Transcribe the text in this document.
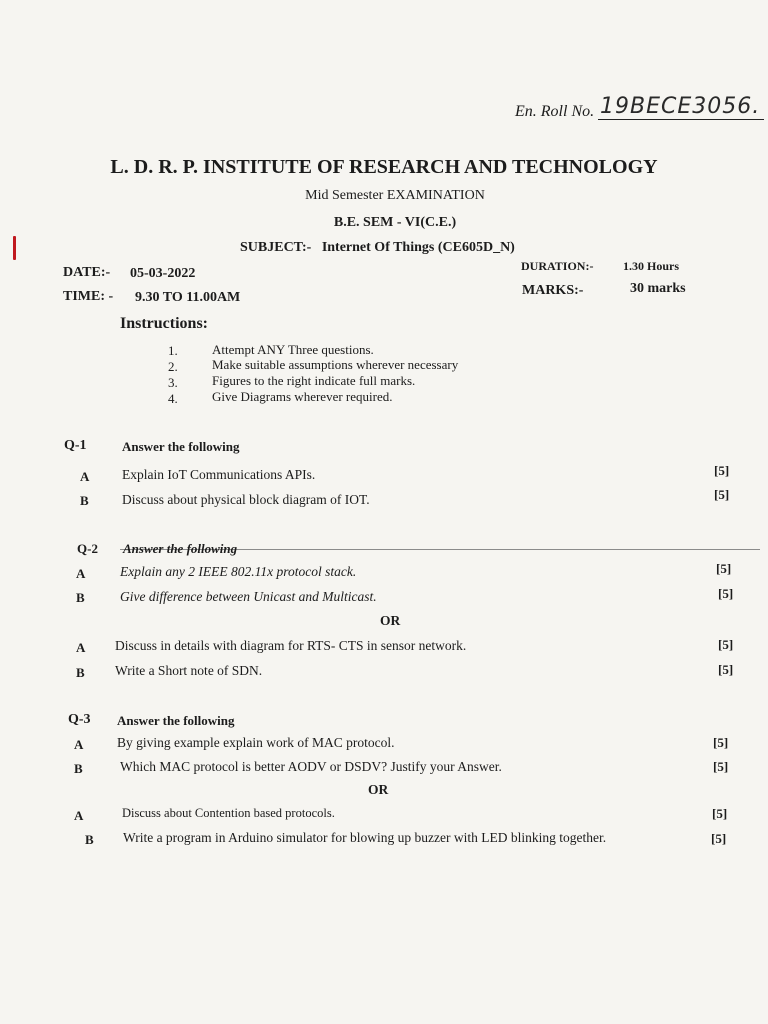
En. Roll No. 19BECE3056.
L. D. R. P. INSTITUTE OF RESEARCH AND TECHNOLOGY
Mid Semester EXAMINATION
B.E. SEM - VI(C.E.)
SUBJECT:- Internet Of Things (CE605D_N)
DATE:- 05-03-2022
TIME: - 9.30 TO 11.00AM
DURATION:- 1.30 Hours
MARKS:-	30 marks
Instructions:
1.	Attempt ANY Three questions.
2.	Make suitable assumptions wherever necessary
3.	Figures to the right indicate full marks.
4.	Give Diagrams wherever required.
Q-1	Answer the following
A Explain IoT Communications APIs.	[5]
B Discuss about physical block diagram of IOT.	[5]
Q-2 Answer the following
A	Explain any 2 IEEE 802.11x protocol stack.	[5]
B	Give difference between Unicast and Multicast.	[5]
OR
A Discuss in details with diagram for RTS- CTS in sensor network.	[5]
B Write a Short note of SDN.	[5]
Q-3 Answer the following
A By giving example explain work of MAC protocol.	[5]
B	Which MAC protocol is better AODV or DSDV? Justify your Answer.	[5]
OR
A	Discuss about Contention based protocols.	[5]
B Write a program in Arduino simulator for blowing up buzzer with LED blinking together.	[5]
